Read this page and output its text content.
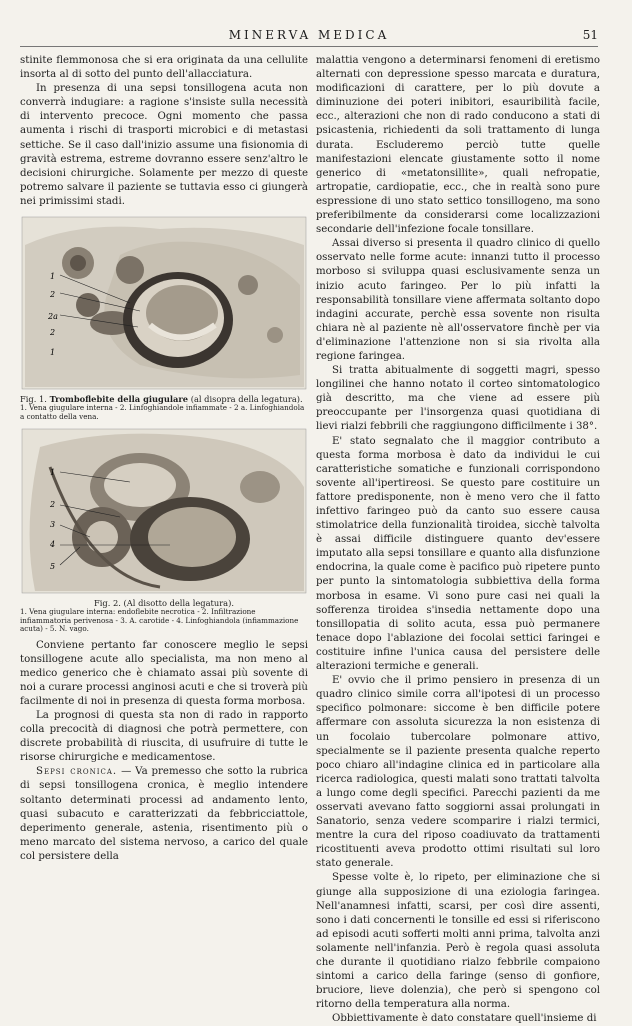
MINERVA MEDICA	51

stinite flemmonosa che si era originata da una cellulite insorta al di sotto del punto dell'allacciatura.

In presenza di una sepsi tonsillogena acuta non converrà indugiare: a ragione s'insiste sulla necessità di intervento precoce. Ogni momento che passa aumenta i rischi di trasporti microbici e di metastasi settiche. Se il caso dall'inizio assume una fisionomia di gravità estrema, estreme dovranno essere senz'altro le decisioni chirurgiche. Solamente per mezzo di queste potremo salvare il paziente se tuttavia esso ci giungerà nei primissimi stadi.

1
2
2a
2
1
Fig. 1. Tromboflebite della giugulare (al disopra della legatura).
1. Vena giugulare interna - 2. Linfoghiandole infiammate - 2 a. Linfoghiandola a contatto della vena.
1
2
3
4
5
Fig. 2. (Al disotto della legatura).
1. Vena giugulare interna: endoflebite necrotica - 2. Infiltrazione infiammatoria perivenosa - 3. A. carotide - 4. Linfoghiandola (infiammazione acuta) - 5. N. vago.

Conviene pertanto far conoscere meglio le sepsi tonsillogene acute allo specialista, ma non meno al medico generico che è chiamato assai più sovente di noi a curare processi anginosi acuti e che si troverà più facilmente di noi in presenza di questa forma morbosa.

La prognosi di questa sta non di rado in rapporto colla precocità di diagnosi che potrà permettere, con discrete probabilità di riuscita, di usufruire di tutte le risorse chirurgiche e medicamentose.

Sepsi cronica. — Va premesso che sotto la rubrica di sepsi tonsillogena cronica, è meglio intendere soltanto determinati processi ad andamento lento, quasi subacuto e caratterizzati da febbricciattole, deperimento generale, astenia, risentimento più o meno marcato del sistema nervoso, a carico del quale col persistere della

malattia vengono a determinarsi fenomeni di eretismo alternati con depressione spesso marcata e duratura, modificazioni di carattere, per lo più dovute a diminuzione dei poteri inibitori, esauribilità facile, ecc., alterazioni che non di rado conducono a stati di psicastenia, richiedenti da soli trattamento di lunga durata. Escluderemo perciò tutte quelle manifestazioni elencate giustamente sotto il nome generico di «metatonsillite», quali nefropatie, artropatie, cardiopatie, ecc., che in realtà sono pure espressione di uno stato settico tonsillogeno, ma sono preferibilmente da considerarsi come localizzazioni secondarie dell'infezione focale tonsillare.

Assai diverso si presenta il quadro clinico di quello osservato nelle forme acute: innanzi tutto il processo morboso si sviluppa quasi esclusivamente senza un inizio acuto faringeo. Per lo più infatti la responsabilità tonsillare viene affermata soltanto dopo indagini accurate, perchè essa sovente non risulta chiara nè al paziente nè all'osservatore finchè per via d'eliminazione l'attenzione non si sia rivolta alla regione faringea.

Si tratta abitualmente di soggetti magri, spesso longilinei che hanno notato il corteo sintomatologico già descritto, ma che viene ad essere più preoccupante per l'insorgenza quasi quotidiana di lievi rialzi febbrili che raggiungono difficilmente i 38°.

E' stato segnalato che il maggior contributo a questa forma morbosa è dato da individui le cui caratteristiche somatiche e funzionali corrispondono sovente all'ipertireosi. Se questo pare costituire un fattore predisponente, non è meno vero che il fatto infettivo faringeo può da canto suo essere causa stimolatrice della funzionalità tiroidea, sicchè talvolta è assai difficile distinguere quanto dev'essere imputato alla sepsi tonsillare e quanto alla disfunzione endocrina, la quale come è pacifico può ripetere punto per punto la sintomatologia subbiettiva della forma morbosa in esame. Vi sono pure casi nei quali la sofferenza tiroidea s'insedia nettamente dopo una tonsillopatia di solito acuta, essa può permanere tenace dopo l'ablazione dei focolai settici faringei e costituire infine l'unica causa del persistere delle alterazioni termiche e generali.

E' ovvio che il primo pensiero in presenza di un quadro clinico simile corra all'ipotesi di un processo specifico polmonare: siccome è ben difficile potere affermare con assoluta sicurezza la non esistenza di un focolaio tubercolare polmonare attivo, specialmente se il paziente presenta qualche reperto poco chiaro all'indagine clinica ed in particolare alla ricerca radiologica, questi malati sono trattati talvolta a lungo come degli specifici. Parecchi pazienti da me osservati avevano fatto soggiorni assai prolungati in Sanatorio, senza vedere scomparire i rialzi termici, mentre la cura del riposo coadiuvato da trattamenti ricostituenti aveva prodotto ottimi risultati sul loro stato generale.

Spesse volte è, lo ripeto, per eliminazione che si giunge alla supposizione di una eziologia faringea. Nell'anamnesi infatti, scarsi, per così dire assenti, sono i dati concernenti le tonsille ed essi si riferiscono ad episodi acuti sofferti molti anni prima, talvolta anzi solamente nell'infanzia. Però è regola quasi assoluta che durante il quotidiano rialzo febbrile compaiono sintomi a carico della faringe (senso di gonfiore, bruciore, lieve dolenzia), che però si spengono col ritorno della temperatura alla norma.

Obbiettivamente è dato constatare quell'insieme di
